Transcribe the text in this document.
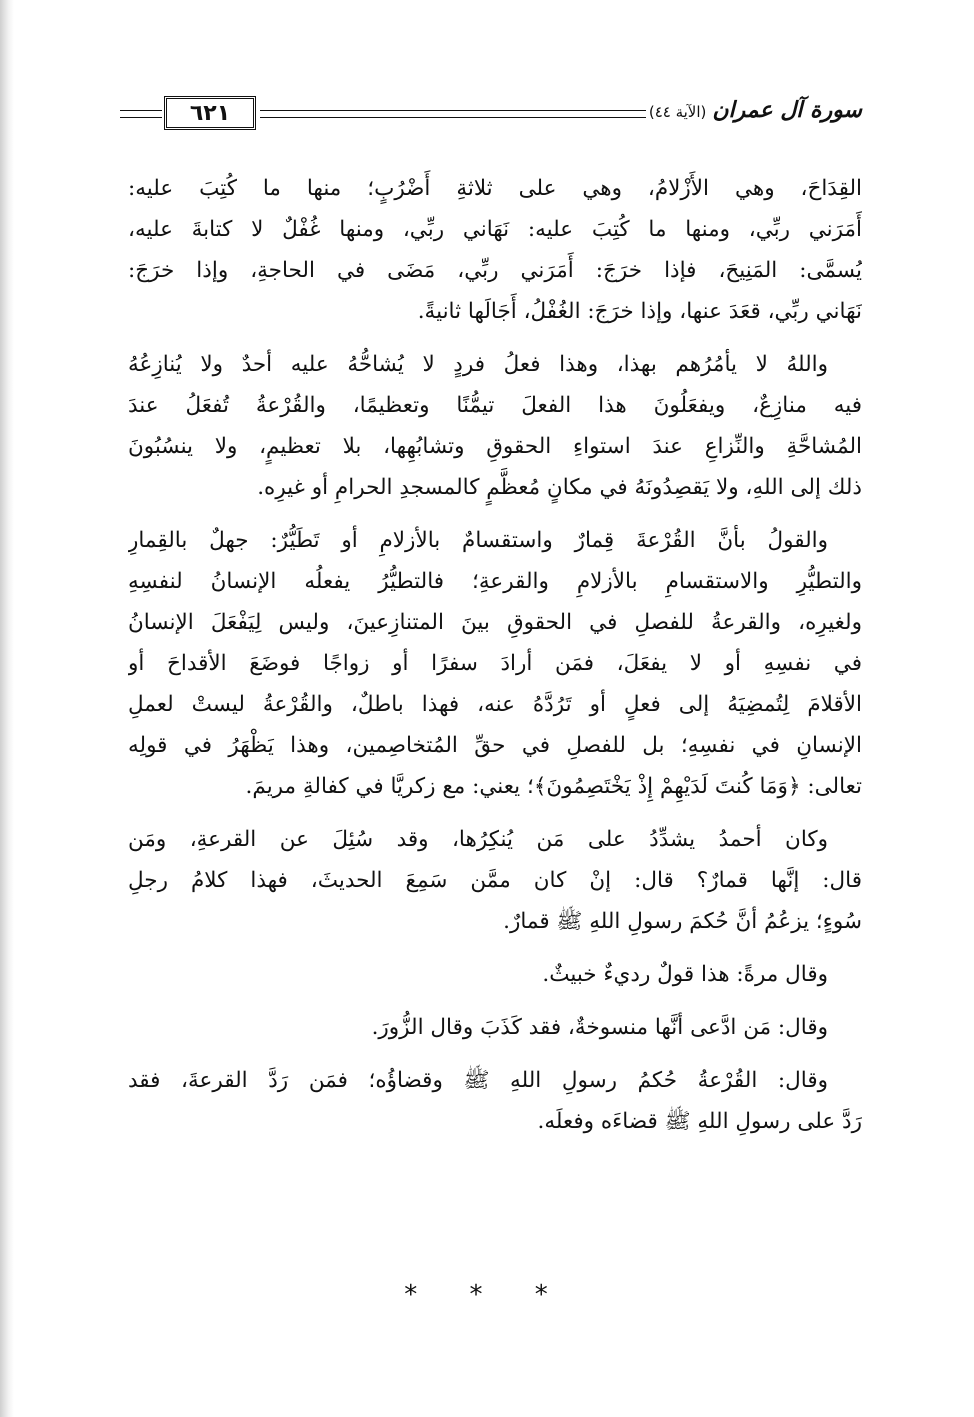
٦٢١	سورة آل عمران(الآية ٤٤)
القِدَاحَ، وهي الأَزْلامُ، وهي على ثلاثةِ أَضْرُبٍ؛ منها ما كُتِبَ عليه:
أَمَرَني ربِّي، ومنها ما كُتِبَ عليه: نَهَاني ربِّي، ومنها غُفْلٌ لا كتابةَ عليه،
يُسمَّى: المَنِيحَ، فإذا خرَجَ: أَمَرَني ربِّي، مَضَى في الحاجةِ، وإذا خرَجَ:
نَهَاني ربِّي، قعَدَ عنها، وإذا خرَجَ: الغُفْلُ، أَجَالَها ثانيةً.
واللهُ لا يأمُرُهم بهذا، وهذا فعلُ فردٍ لا يُشاحُّهُ عليه أحدٌ ولا يُنازِعُهُ
فيه منازِعٌ، ويفعَلُونَ هذا الفعلَ تيمُّنًا وتعظيمًا، والقُرْعةُ تُفعَلُ عندَ
المُشاحَّةِ والنِّزاعِ عندَ استواءِ الحقوقِ وتشابُهِها، بلا تعظيمٍ، ولا ينسُبُونَ
ذلك إلى اللهِ، ولا يَقصِدُونَهُ في مكانٍ مُعظَّمٍ كالمسجدِ الحرامِ أو غيرِه.
والقولُ بأنَّ القُرْعةَ قِمارٌ واستقسامٌ بالأزلامِ أو تَطَيُّرٌ: جهلٌ بالقِمارِ
والتطيُّرِ والاستقسامِ بالأزلامِ والقرعةِ؛ فالتطيُّرُ يفعلُه الإنسانُ لنفسِهِ
ولغيرِه، والقرعةُ للفصلِ في الحقوقِ بينَ المتنازِعينَ، وليس لِيَفْعَلَ الإنسانُ
في نفسِهِ أو لا يفعَلَ، فمَن أرادَ سفرًا أو زواجًا فوضَعَ الأقداحَ أو
الأقلامَ لِتُمضِيَهُ إلى فعلٍ أو تَرُدَّهُ عنه، فهذا باطلٌ، والقُرْعةُ ليستْ لعملِ
الإنسانِ في نفسِهِ؛ بل للفصلِ في حقِّ المُتخاصِمين، وهذا يَظْهَرُ في قولِه
تعالى: ﴿وَمَا كُنتَ لَدَيْهِمْ إِذْ يَخْتَصِمُونَ﴾؛ يعني: مع زكريَّا في كفالةِ مريمَ.
وكان أحمدُ يشدِّدُ على مَن يُنكِرُها، وقد سُئِلَ عن القرعةِ، ومَن
قال: إنَّها قمارٌ؟ قال: إنْ كان ممَّن سَمِعَ الحديثَ، فهذا كلامُ رجلِ
سُوءٍ؛ يزعُمُ أنَّ حُكمَ رسولِ اللهِ ﷺ قمارٌ.
وقال مرةً: هذا قولٌ رديءٌ خبيثٌ.
وقال: مَن ادَّعى أنَّها منسوخةٌ، فقد كَذَبَ وقال الزُّورَ.
وقال: القُرْعةُ حُكمُ رسولِ اللهِ ﷺ وقضاؤُه؛ فمَن رَدَّ القرعةَ، فقد
رَدَّ على رسولِ اللهِ ﷺ قضاءَه وفعلَه.
* * *
